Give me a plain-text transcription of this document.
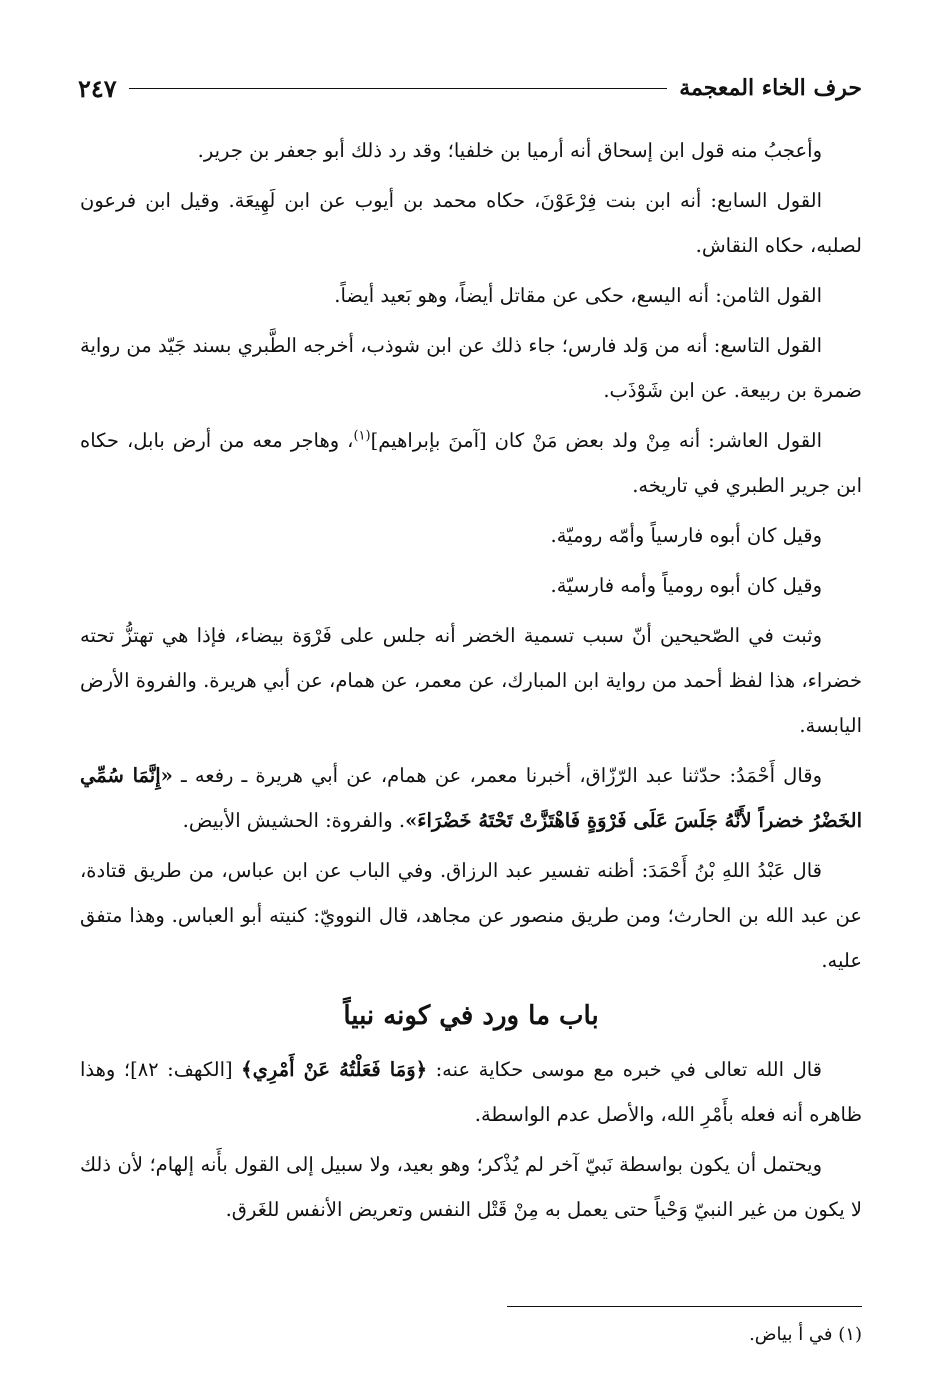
حرف الخاء المعجمة
٢٤٧

وأعجبُ منه قول ابن إسحاق أنه أرميا بن خلفيا؛ وقد رد ذلك أبو جعفر بن جرير.

القول السابع: أنه ابن بنت فِرْعَوْنَ، حكاه محمد بن أيوب عن ابن لَهِيعَة. وقيل ابن فرعون لصلبه، حكاه النقاش.

القول الثامن: أنه اليسع، حكى عن مقاتل أيضاً، وهو بَعيد أيضاً.

القول التاسع: أنه من وَلد فارس؛ جاء ذلك عن ابن شوذب، أخرجه الطَّبري بسند جَيّد من رواية ضمرة بن ربيعة. عن ابن شَوْذَب.

القول العاشر: أنه مِنْ ولد بعض مَنْ كان [آمنَ بإبراهيم]$^{(١)}$، وهاجر معه من أرض بابل، حكاه ابن جرير الطبري في تاريخه.

وقيل كان أبوه فارسياً وأمّه روميّة.

وقيل كان أبوه رومياً وأمه فارسيّة.

وثبت في الصّحيحين أنّ سبب تسمية الخضر أنه جلس على فَرْوَة بيضاء، فإذا هي تهتزُّ تحته خضراء، هذا لفظ أحمد من رواية ابن المبارك، عن معمر، عن همام، عن أبي هريرة. والفروة الأرض اليابسة.

وقال أَحْمَدُ: حدّثنا عبد الرّزّاق، أخبرنا معمر، عن همام، عن أبي هريرة ـ رفعه ـ «إِنَّمَا سُمِّي الخَضْرُ خضراً لأَنَّهُ جَلَسَ عَلَى فَرْوَةٍ فَاهْتَزَّتْ تَحْتَهُ خَضْرَاءَ». والفروة: الحشيش الأبيض.

قال عَبْدُ اللهِ بْنُ أَحْمَدَ: أظنه تفسير عبد الرزاق. وفي الباب عن ابن عباس، من طريق قتادة، عن عبد الله بن الحارث؛ ومن طريق منصور عن مجاهد، قال النوويّ: كنيته أبو العباس. وهذا متفق عليه.

باب ما ورد في كونه نبياً

قال الله تعالى في خبره مع موسى حكاية عنه: ﴿وَمَا فَعَلْتُهُ عَنْ أَمْرِي﴾ [الكهف: ٨٢]؛ وهذا ظاهره أنه فعله بأَمْرِ الله، والأصل عدم الواسطة.

ويحتمل أن يكون بواسطة نَبيّ آخر لم يُذْكر؛ وهو بعيد، ولا سبيل إلى القول بأَنه إلهام؛ لأن ذلك لا يكون من غير النبيّ وَحْياً حتى يعمل به مِنْ قَتْل النفس وتعريض الأنفس للغَرق.

(١) في أ بياض.
